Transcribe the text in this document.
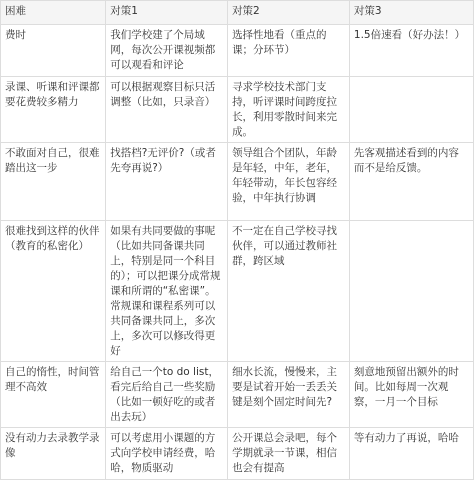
困难	对策1	对策2	对策3
费时	我们学校建了个局域网，每次公开课视频都可以观看和评论	选择性地看（重点的课；分环节）	1.5倍速看（好办法！）
录课、听课和评课都要花费较多精力	可以根据观察目标只活调整（比如，只录音）	寻求学校技术部门支持，听评课时间跨度拉长，利用零散时间来完成。	
不敢面对自己，很难踏出这一步	找搭档?无评价?（或者先夸再说?）	领导组合个团队，年龄是年轻，中年，老年，年轻带动，年长包容经验，中年执行协调	先客观描述看到的内容而不是给反馈。
很难找到这样的伙伴（教育的私密化）	如果有共同要做的事呢（比如共同备课共同上，特别是同一个科目的）；可以把课分成常规课和所谓的“私密课”。常规课和课程系列可以共同备课共同上，多次上，多次可以修改得更好	不一定在自己学校寻找伙伴，可以通过教师社群，跨区域	
自己的惰性，时间管理不高效	给自己一个to do list，看完后给自己一些奖励（比如一顿好吃的或者出去玩）	细水长流，慢慢来，主要是试着开始一丢丢关键是刻个固定时间先?	刻意地预留出额外的时间。比如每周一次观察，一月一个目标
没有动力去录教学录像	可以考虑用小课题的方式向学校申请经费，哈哈，物质驱动	公开课总会录吧，每个学期就录一节课，相信也会有提高	等有动力了再说，哈哈
